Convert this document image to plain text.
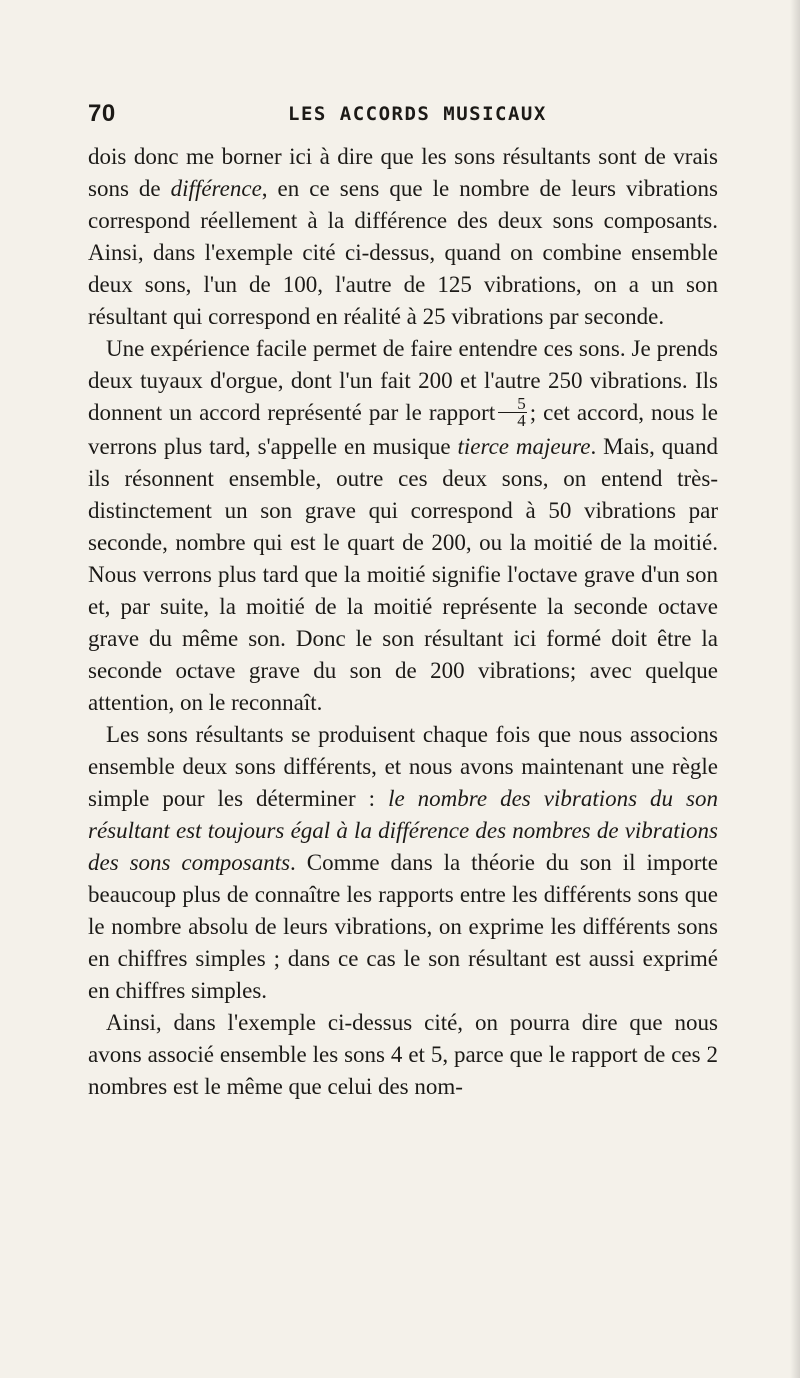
70	LES ACCORDS MUSICAUX

dois donc me borner ici à dire que les sons résultants sont de vrais sons de différence, en ce sens que le nombre de leurs vibrations correspond réellement à la différence des deux sons composants. Ainsi, dans l'exemple cité ci-dessus, quand on combine ensemble deux sons, l'un de 100, l'autre de 125 vibrations, on a un son résultant qui correspond en réalité à 25 vibrations par seconde.

Une expérience facile permet de faire entendre ces sons. Je prends deux tuyaux d'orgue, dont l'un fait 200 et l'autre 250 vibrations. Ils donnent un accord représenté par le rapport $\frac{5}{4}$ ; cet accord, nous le verrons plus tard, s'appelle en musique tierce majeure. Mais, quand ils résonnent ensemble, outre ces deux sons, on entend très-distinctement un son grave qui correspond à 50 vibrations par seconde, nombre qui est le quart de 200, ou la moitié de la moitié. Nous verrons plus tard que la moitié signifie l'octave grave d'un son et, par suite, la moitié de la moitié représente la seconde octave grave du même son. Donc le son résultant ici formé doit être la seconde octave grave du son de 200 vibrations; avec quelque attention, on le reconnaît.

Les sons résultants se produisent chaque fois que nous associons ensemble deux sons différents, et nous avons maintenant une règle simple pour les déterminer : le nombre des vibrations du son résultant est toujours égal à la différence des nombres de vibrations des sons composants. Comme dans la théorie du son il importe beaucoup plus de connaître les rapports entre les différents sons que le nombre absolu de leurs vibrations, on exprime les différents sons en chiffres simples ; dans ce cas le son résultant est aussi exprimé en chiffres simples.

Ainsi, dans l'exemple ci-dessus cité, on pourra dire que nous avons associé ensemble les sons 4 et 5, parce que le rapport de ces 2 nombres est le même que celui des nom-
